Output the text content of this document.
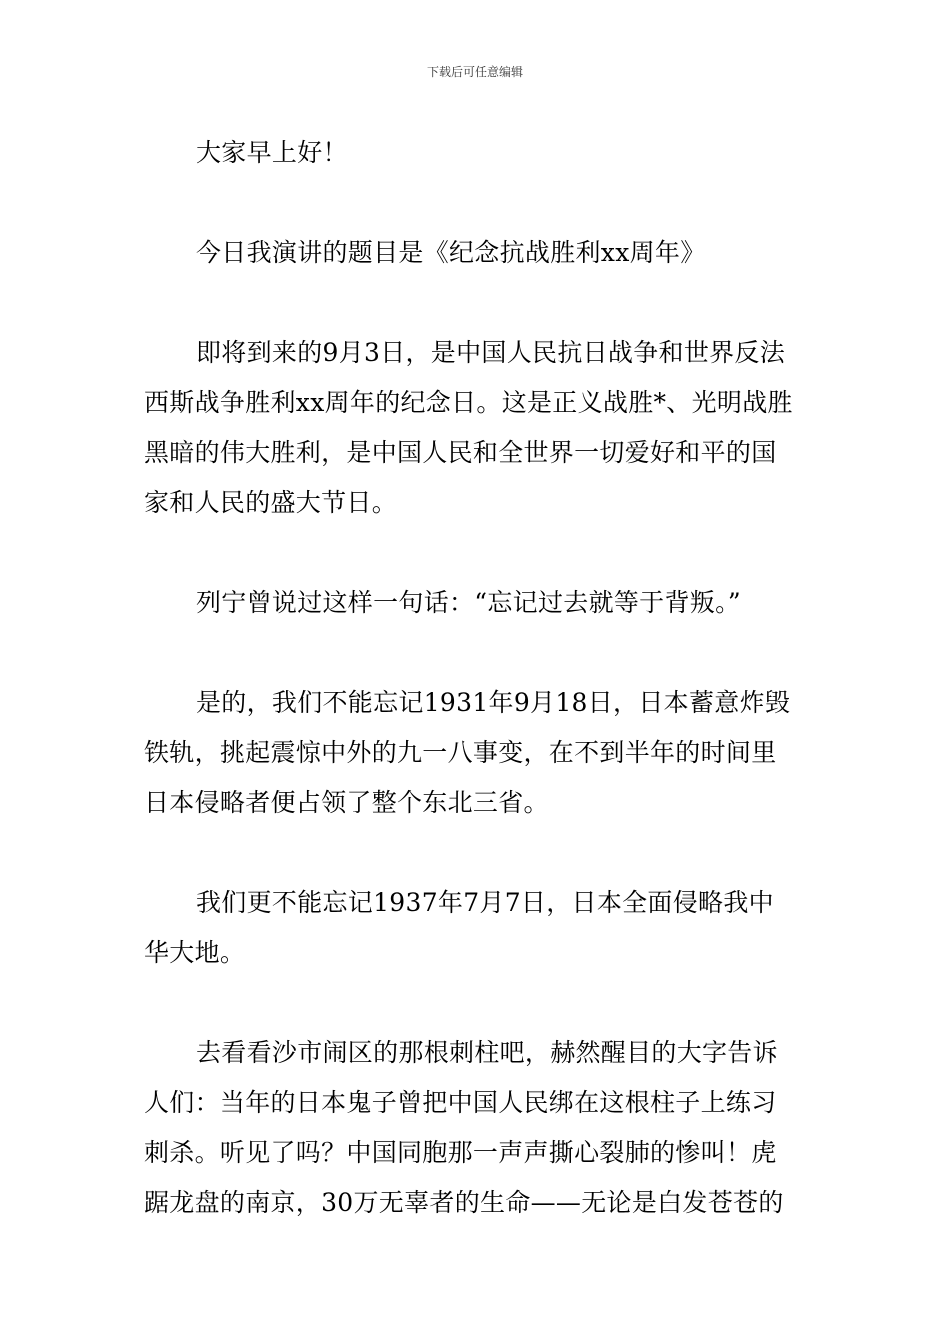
下载后可任意编辑
大家早上好！
今日我演讲的题目是《纪念抗战胜利xx周年》
即将到来的9月3日，是中国人民抗日战争和世界反法
西斯战争胜利xx周年的纪念日。这是正义战胜*、光明战胜
黑暗的伟大胜利，是中国人民和全世界一切爱好和平的国
家和人民的盛大节日。
列宁曾说过这样一句话：“忘记过去就等于背叛。”
是的，我们不能忘记1931年9月18日，日本蓄意炸毁
铁轨，挑起震惊中外的九一八事变，在不到半年的时间里
日本侵略者便占领了整个东北三省。
我们更不能忘记1937年7月7日，日本全面侵略我中
华大地。
去看看沙市闹区的那根刺柱吧，赫然醒目的大字告诉
人们：当年的日本鬼子曾把中国人民绑在这根柱子上练习
刺杀。听见了吗？中国同胞那一声声撕心裂肺的惨叫！虎
踞龙盘的南京，30万无辜者的生命——无论是白发苍苍的
